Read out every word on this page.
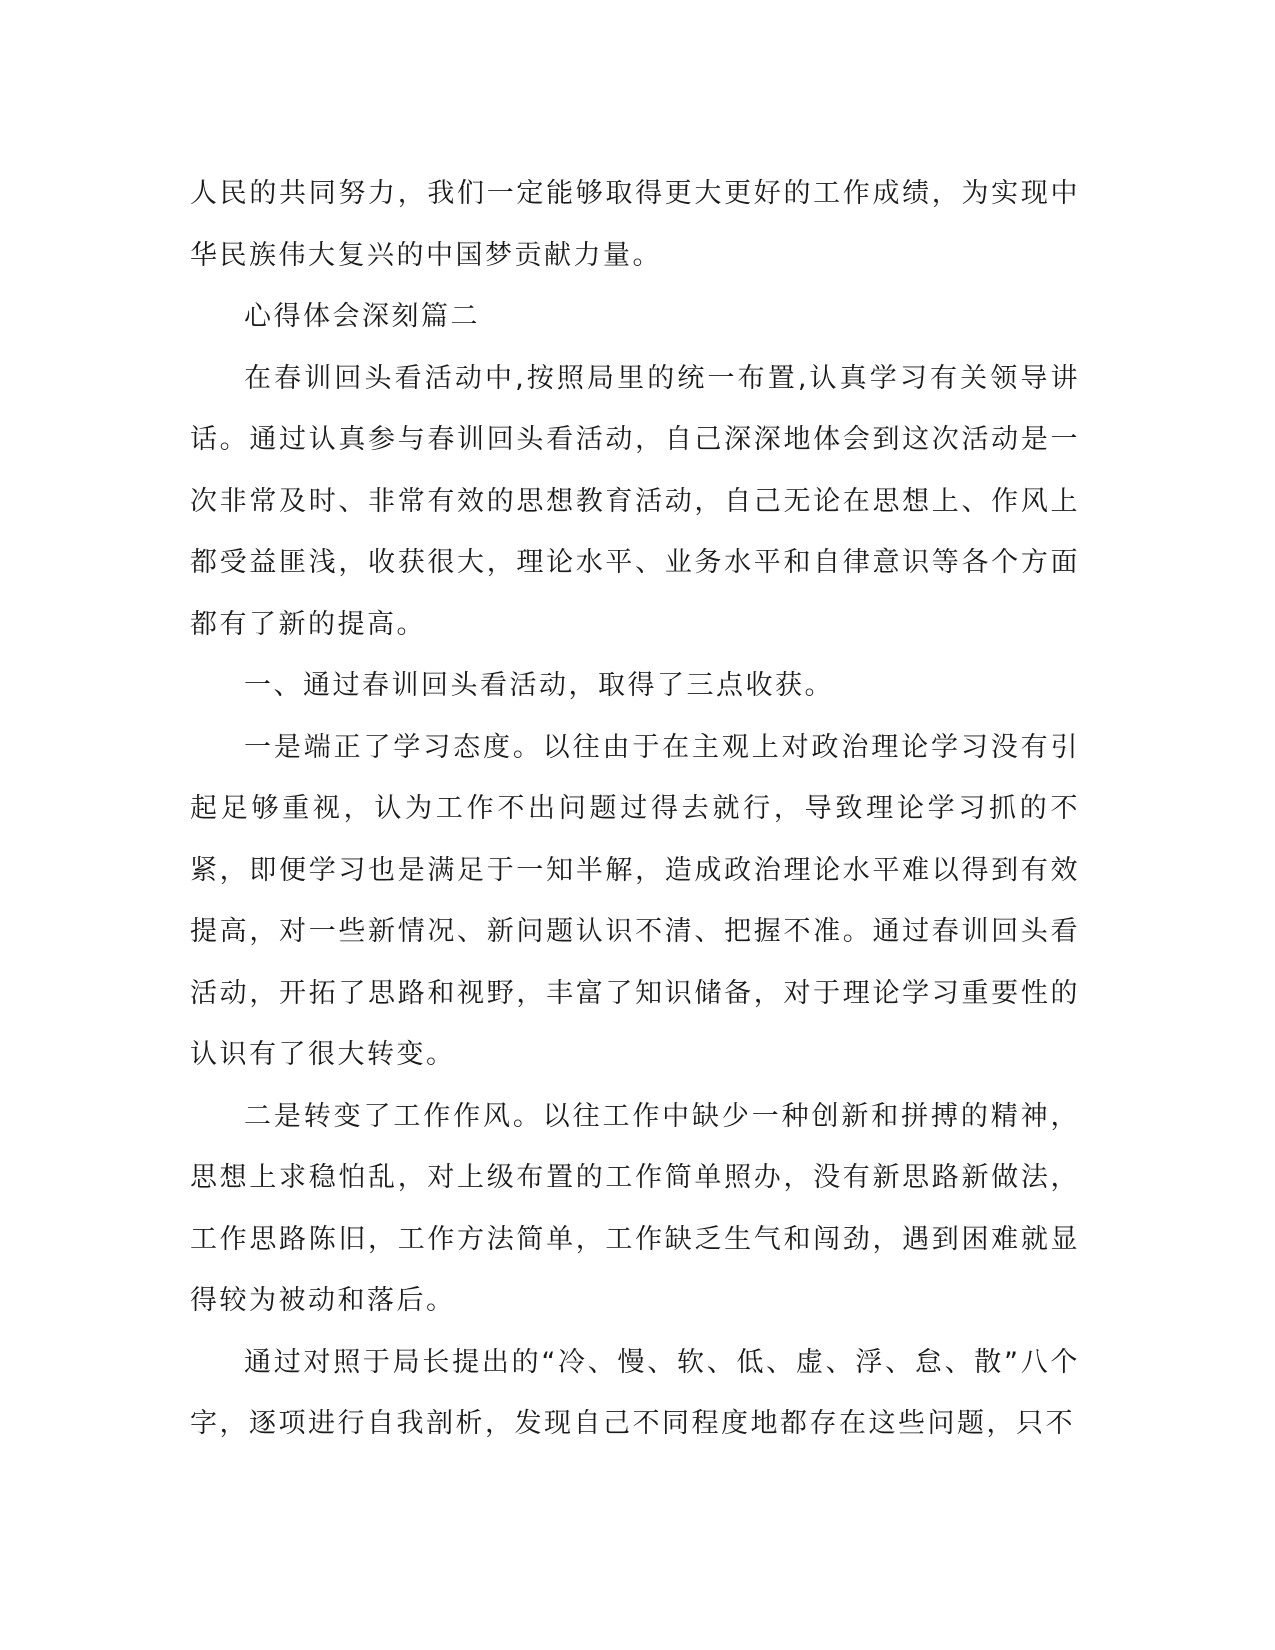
人民的共同努力，我们一定能够取得更大更好的工作成绩，为实现中华民族伟大复兴的中国梦贡献力量。

心得体会深刻篇二

在春训回头看活动中,按照局里的统一布置,认真学习有关领导讲话。通过认真参与春训回头看活动，自己深深地体会到这次活动是一次非常及时、非常有效的思想教育活动，自己无论在思想上、作风上都受益匪浅，收获很大，理论水平、业务水平和自律意识等各个方面都有了新的提高。

一、通过春训回头看活动，取得了三点收获。

一是端正了学习态度。以往由于在主观上对政治理论学习没有引起足够重视，认为工作不出问题过得去就行，导致理论学习抓的不紧，即便学习也是满足于一知半解，造成政治理论水平难以得到有效提高，对一些新情况、新问题认识不清、把握不准。通过春训回头看活动，开拓了思路和视野，丰富了知识储备，对于理论学习重要性的认识有了很大转变。

二是转变了工作作风。以往工作中缺少一种创新和拼搏的精神，思想上求稳怕乱，对上级布置的工作简单照办，没有新思路新做法，工作思路陈旧，工作方法简单，工作缺乏生气和闯劲，遇到困难就显得较为被动和落后。

通过对照于局长提出的“冷、慢、软、低、虚、浮、怠、散”八个字，逐项进行自我剖析，发现自己不同程度地都存在这些问题，只不
